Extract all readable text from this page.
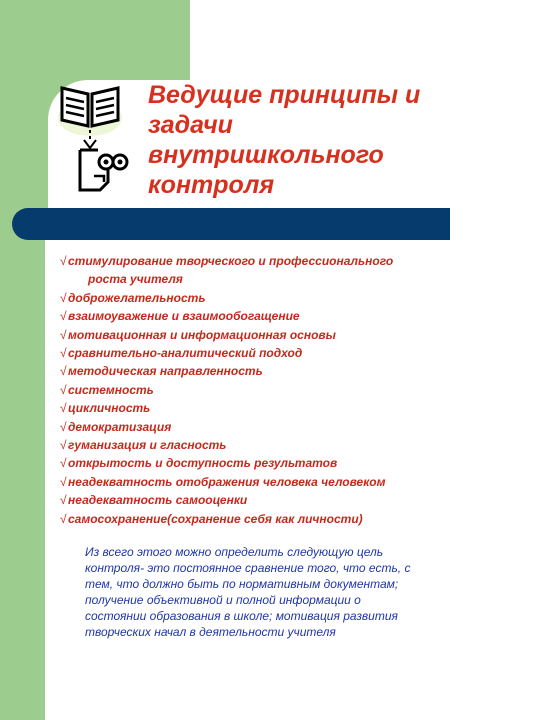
Ведущие принципы и
задачи
внутришкольного
контроля
√ стимулирование творческого и профессионального
роста учителя
√ доброжелательность
√ взаимоуважение и взаимообогащение
√ мотивационная и информационная основы
√ сравнительно-аналитический подход
√ методическая направленность
√ системность
√ цикличность
√ демократизация
√ гуманизация и гласность
√ открытость и доступность результатов
√ неадекватность отображения человека человеком
√ неадекватность самооценки
√ самосохранение(сохранение себя как личности)

Из всего этого можно определить следующую цель
контроля- это постоянное сравнение того, что есть, с
тем, что должно быть по нормативным документам;
получение объективной и полной информации о
состоянии образования в школе; мотивация развития
творческих начал в деятельности учителя
